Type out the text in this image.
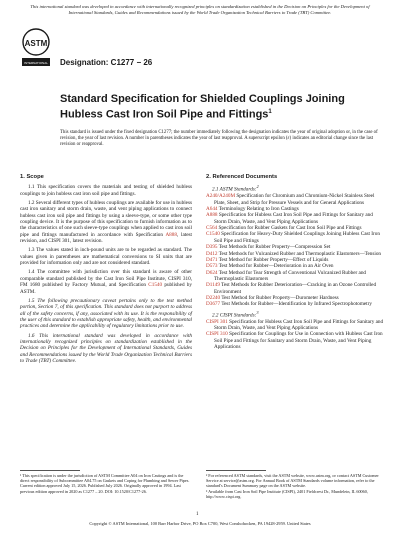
This international standard was developed in accordance with internationally recognized principles on standardization established in the Decision on Principles for the Development of International Standards, Guides and Recommendations issued by the World Trade Organization Technical Barriers to Trade (TBT) Committee.
ASTM
INTERNATIONAL Designation: C1277 − 26
Standard Specification for Shielded Couplings Joining Hubless Cast Iron Soil Pipe and Fittings$^1$
This standard is issued under the fixed designation C1277; the number immediately following the designation indicates the year of original adoption or, in the case of revision, the year of last revision. A number in parentheses indicates the year of last reapproval. A superscript epsilon (ε) indicates an editorial change since the last revision or reapproval.
1. Scope

1.1 This specification covers the materials and testing of shielded hubless couplings to join hubless cast iron soil pipe and fittings.

1.2 Several different types of hubless couplings are available for use in hubless cast iron sanitary and storm drain, waste, and vent piping applications to connect hubless cast iron soil pipe and fittings by using a sleeve-type, or some other type coupling device. It is the purpose of this specification to furnish information as to the characteristics of one such sleeve-type couplings when applied to cast iron soil pipe and fittings manufactured in accordance with Specification A888, latest revision, and CISPI 301, latest revision.

1.3 The values stated in inch-pound units are to be regarded as standard. The values given in parentheses are mathematical conversions to SI units that are provided for information only and are not considered standard.

1.4 The committee with jurisdiction over this standard is aware of other comparable standard published by the Cast Iron Soil Pipe Institute, CISPI 310, FM 1680 published by Factory Mutual, and Specification C1540 published by ASTM.

1.5 The following precautionary caveat pertains only to the test method portion, Section 7, of this specification. This standard does not purport to address all of the safety concerns, if any, associated with its use. It is the responsibility of the user of this standard to establish appropriate safety, health, and environmental practices and determine the applicability of regulatory limitations prior to use.

1.6 This international standard was developed in accordance with internationally recognized principles on standardization established in the Decision on Principles for the Development of International Standards, Guides and Recommendations issued by the World Trade Organization Technical Barriers to Trade (TBT) Committee.

2. Referenced Documents

2.1 ASTM Standards:$^2$

A240/A240M Specification for Chromium and Chromium-Nickel Stainless Steel Plate, Sheet, and Strip for Pressure Vessels and for General Applications

A644 Terminology Relating to Iron Castings

A888 Specification for Hubless Cast Iron Soil Pipe and Fittings for Sanitary and Storm Drain, Waste, and Vent Piping Applications

C564 Specification for Rubber Gaskets for Cast Iron Soil Pipe and Fittings

C1540 Specification for Heavy-Duty Shielded Couplings Joining Hubless Cast Iron Soil Pipe and Fittings

D395 Test Methods for Rubber Property—Compression Set

D412 Test Methods for Vulcanized Rubber and Thermoplastic Elastomers—Tension

D471 Test Method for Rubber Property—Effect of Liquids

D573 Test Method for Rubber—Deterioration in an Air Oven

D624 Test Method for Tear Strength of Conventional Vulcanized Rubber and Thermoplastic Elastomers

D1149 Test Methods for Rubber Deterioration—Cracking in an Ozone Controlled Environment

D2240 Test Method for Rubber Property—Durometer Hardness

D3677 Test Methods for Rubber—Identification by Infrared Spectrophotometry

2.2 CISPI Standards:$^3$

CISPI 301 Specification for Hubless Cast Iron Soil Pipe and Fittings for Sanitary and Storm Drain, Waste, and Vent Piping Applications

CISPI 310 Specification for Couplings for Use in Connection with Hubless Cast Iron Soil Pipe and Fittings for Sanitary and Storm Drain, Waste, and Vent Piping Applications

¹ This specification is under the jurisdiction of ASTM Committee A04 on Iron Castings and is the direct responsibility of Subcommittee A04.75 on Gaskets and Coping for Plumbing and Sewer Pipes.
Current edition approved July 15, 2026. Published July 2026. Originally approved in 1994. Last previous edition approved in 2020 as C1277 – 20. DOI: 10.1520/C1277-26.
² For referenced ASTM standards, visit the ASTM website, www.astm.org, or contact ASTM Customer Service at service@astm.org. For Annual Book of ASTM Standards volume information, refer to the standard's Document Summary page on the ASTM website.
³ Available from Cast Iron Soil Pipe Institute (CISPI), 2401 Fieldcrest Dr., Mundelein, IL 60060, http://www.cispi.org.
1
Copyright © ASTM International, 100 Barr Harbor Drive, PO Box C700, West Conshohocken, PA 19428-2959. United States
